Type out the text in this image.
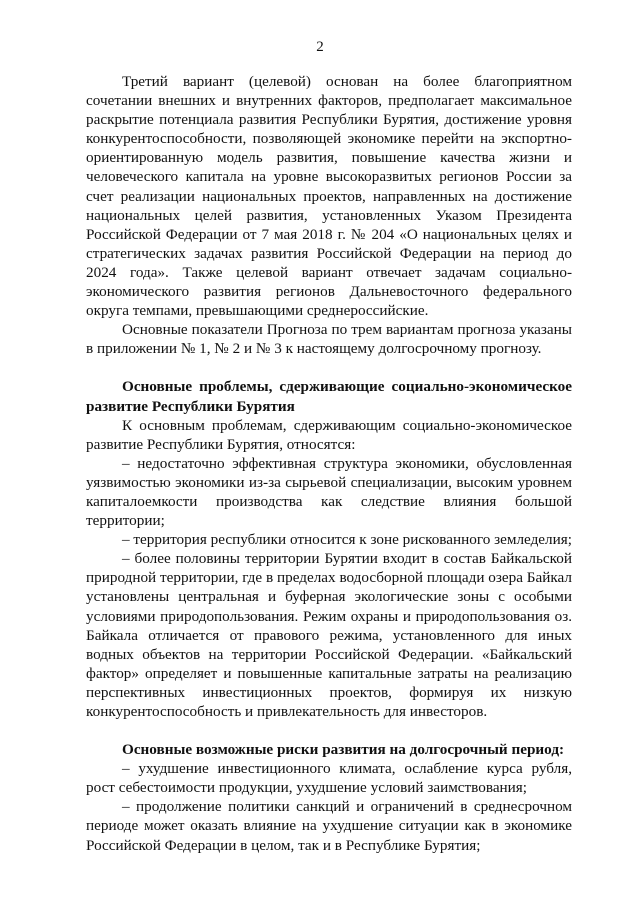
2

Третий вариант (целевой) основан на более благоприятном сочетании внешних и внутренних факторов, предполагает максимальное раскрытие потенциала развития Республики Бурятия, достижение уровня конкурентоспособности, позволяющей экономике перейти на экспортно-ориентированную модель развития, повышение качества жизни и человеческого капитала на уровне высокоразвитых регионов России за счет реализации национальных проектов, направленных на достижение национальных целей развития, установленных Указом Президента Российской Федерации от 7 мая 2018 г. № 204 «О национальных целях и стратегических задачах развития Российской Федерации на период до 2024 года». Также целевой вариант отвечает задачам социально-экономического развития регионов Дальневосточного федерального округа темпами, превышающими среднероссийские.

Основные показатели Прогноза по трем вариантам прогноза указаны в приложении № 1, № 2 и № 3 к настоящему долгосрочному прогнозу.

Основные проблемы, сдерживающие социально-экономическое развитие Республики Бурятия

К основным проблемам, сдерживающим социально-экономическое развитие Республики Бурятия, относятся:

– недостаточно эффективная структура экономики, обусловленная уязвимостью экономики из-за сырьевой специализации, высоким уровнем капиталоемкости производства как следствие влияния большой территории;

– территория республики относится к зоне рискованного земледелия;

– более половины территории Бурятии входит в состав Байкальской природной территории, где в пределах водосборной площади озера Байкал установлены центральная и буферная экологические зоны с особыми условиями природопользования. Режим охраны и природопользования оз. Байкала отличается от правового режима, установленного для иных водных объектов на территории Российской Федерации. «Байкальский фактор» определяет и повышенные капитальные затраты на реализацию перспективных инвестиционных проектов, формируя их низкую конкурентоспособность и привлекательность для инвесторов.

Основные возможные риски развития на долгосрочный период:

– ухудшение инвестиционного климата, ослабление курса рубля, рост себестоимости продукции, ухудшение условий заимствования;

– продолжение политики санкций и ограничений в среднесрочном периоде может оказать влияние на ухудшение ситуации как в экономике Российской Федерации в целом, так и в Республике Бурятия;
